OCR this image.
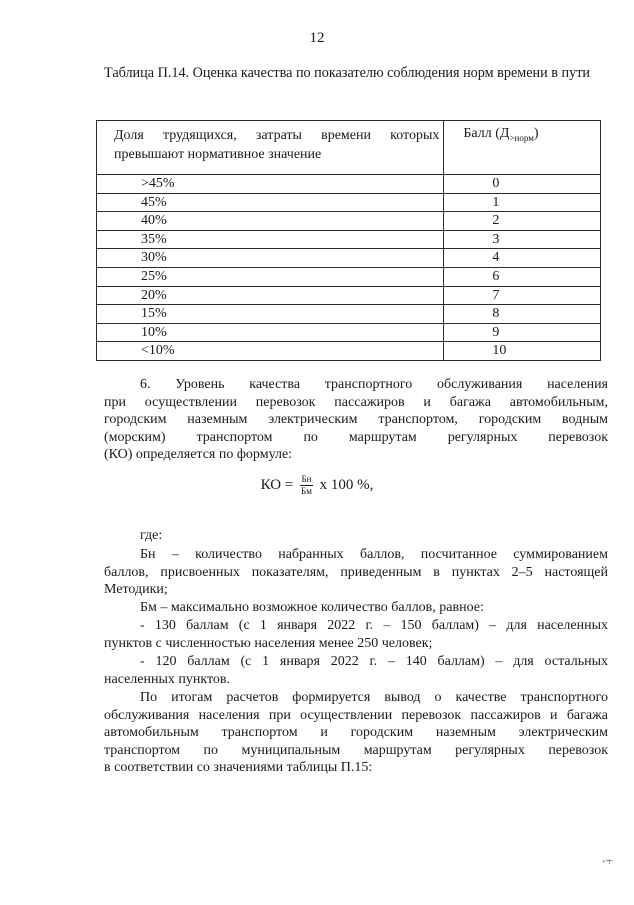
12
Таблица П.14. Оценка качества по показателю соблюдения норм времени в пути
Доля трудящихся, затраты времени которых
превышают нормативное значение	Балл $(Д_{>норм})$

>45%	0
45%	1
40%	2
35%	3
30%	4
25%	6
20%	7
15%	8
10%	9
<10%	10
6. Уровень качества транспортного обслуживания населения
при осуществлении перевозок пассажиров и багажа автомобильным,
городским наземным электрическим транспортом, городским водным
(морским) транспортом по маршрутам регулярных перевозок
(КО) определяется по формуле:
КО = $\frac{Бн}{Бм}$ x 100 %,
где:
Бн – количество набранных баллов, посчитанное суммированием
баллов, присвоенных показателям, приведенным в пунктах 2–5 настоящей
Методики;
Бм – максимально возможное количество баллов, равное:
- 130 баллам (с 1 января 2022 г. – 150 баллам) – для населенных
пунктов с численностью населения менее 250 человек;
- 120 баллам (с 1 января 2022 г. – 140 баллам) – для остальных
населенных пунктов.
По итогам расчетов формируется вывод о качестве транспортного
обслуживания населения при осуществлении перевозок пассажиров и багажа
автомобильным транспортом и городским наземным электрическим
транспортом по муниципальным маршрутам регулярных перевозок
в соответствии со значениями таблицы П.15:
ʻ͡ ˡ
